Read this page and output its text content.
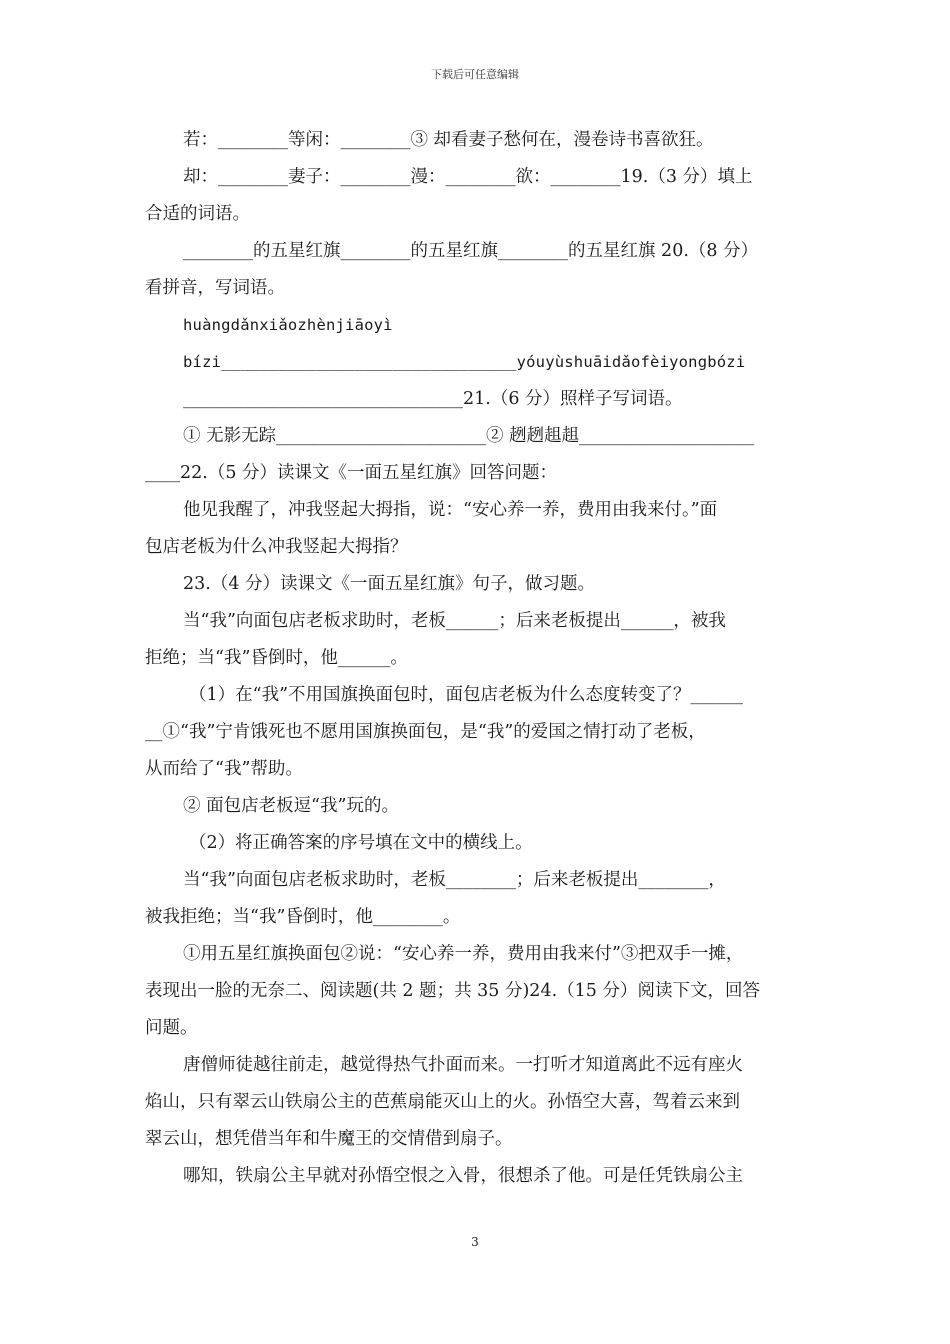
下载后可任意编辑

若：________等闲：________③ 却看妻子愁何在，漫卷诗书喜欲狂。

却：________妻子：________漫：________欲：________19.（3 分）填上

合适的词语。

________的五星红旗________的五星红旗________的五星红旗 20.（8 分）

看拼音，写词语。

huàngdǎnxiǎozhènjiāoyì

bízi_______________________________yóuyùshuāidǎofèiyongbózi

________________________________21.（6 分）照样子写词语。

① 无影无踪________________________② 趔趔趄趄____________________

____22.（5 分）读课文《一面五星红旗》回答问题：

他见我醒了，冲我竖起大拇指，说：“安心养一养，费用由我来付。”面

包店老板为什么冲我竖起大拇指？

23.（4 分）读课文《一面五星红旗》句子，做习题。

当“我”向面包店老板求助时，老板______；后来老板提出______，被我

拒绝；当“我”昏倒时，他______。

（1）在“我”不用国旗换面包时，面包店老板为什么态度转变了？______

__①“我”宁肯饿死也不愿用国旗换面包，是“我”的爱国之情打动了老板，

从而给了“我”帮助。

② 面包店老板逗“我”玩的。

（2）将正确答案的序号填在文中的横线上。

当“我”向面包店老板求助时，老板________；后来老板提出________，

被我拒绝；当“我”昏倒时，他________。

①用五星红旗换面包②说：“安心养一养，费用由我来付”③把双手一摊，

表现出一脸的无奈二、阅读题(共 2 题；共 35 分)24.（15 分）阅读下文，回答

问题。

唐僧师徒越往前走，越觉得热气扑面而来。一打听才知道离此不远有座火

焰山，只有翠云山铁扇公主的芭蕉扇能灭山上的火。孙悟空大喜，驾着云来到

翠云山，想凭借当年和牛魔王的交情借到扇子。

哪知，铁扇公主早就对孙悟空恨之入骨，很想杀了他。可是任凭铁扇公主

3
